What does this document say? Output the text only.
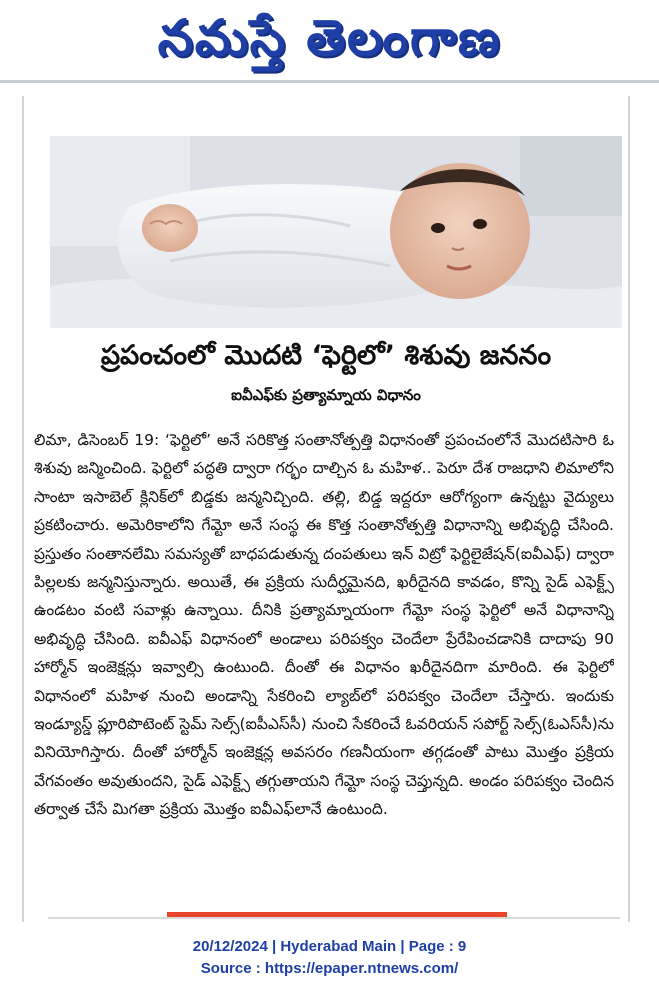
నమస్తే తెలంగాణ
ప్రపంచంలో మొదటి ‘ఫెర్టిలో’ శిశువు జననం
ఐవీఎఫ్‌కు ప్రత్యామ్నాయ విధానం
లిమా, డిసెంబర్ 19: ‘ఫెర్టిలో’ అనే సరికొత్త సంతానోత్పత్తి విధానంతో ప్రపంచంలోనే మొదటిసారి ఓ శిశువు జన్మించింది. ఫెర్టిలో పద్ధతి ద్వారా గర్భం దాల్చిన ఓ మహిళ.. పెరూ దేశ రాజధాని లిమాలోని సాంటా ఇసాబెల్ క్లినిక్‌లో బిడ్డకు జన్మనిచ్చింది. తల్లి, బిడ్డ ఇద్దరూ ఆరోగ్యంగా ఉన్నట్టు వైద్యులు ప్రకటించారు. అమెరికాలోని గేమ్టో అనే సంస్థ ఈ కొత్త సంతానోత్పత్తి విధానాన్ని అభివృద్ధి చేసింది. ప్రస్తుతం సంతానలేమి సమస్యతో బాధపడుతున్న దంపతులు ఇన్ విట్రో ఫెర్టిలైజేషన్(ఐవీఎఫ్) ద్వారా పిల్లలకు జన్మనిస్తున్నారు. అయితే, ఈ ప్రక్రియ సుదీర్ఘమైనది, ఖరీదైనది కావడం, కొన్ని సైడ్ ఎఫెక్ట్స్ ఉండటం వంటి సవాళ్లు ఉన్నాయి. దీనికి ప్రత్యామ్నాయంగా గేమ్టో సంస్థ ఫెర్టిలో అనే విధానాన్ని అభివృద్ధి చేసింది. ఐవీఎఫ్ విధానంలో అండాలు పరిపక్వం చెందేలా ప్రేరేపించడానికి దాదాపు 90 హార్మోన్ ఇంజెక్షన్లు ఇవ్వాల్సి ఉంటుంది. దీంతో ఈ విధానం ఖరీదైనదిగా మారింది. ఈ ఫెర్టిలో విధానంలో మహిళ నుంచి అండాన్ని సేకరించి ల్యాబ్‌లో పరిపక్వం చెందేలా చేస్తారు. ఇందుకు ఇండ్యూస్డ్ ప్లూరిపొటెంట్ స్టెమ్ సెల్స్(ఐపీఎస్‌సీ) నుంచి సేకరించే ఓవరియన్ సపోర్ట్ సెల్స్(ఓఎస్‌సీ)ను వినియోగిస్తారు. దీంతో హార్మోన్ ఇంజెక్షన్ల అవసరం గణనీయంగా తగ్గడంతో పాటు మొత్తం ప్రక్రియ వేగవంతం అవుతుందని, సైడ్ ఎఫెక్ట్స్ తగ్గుతాయని గేమ్టో సంస్థ చెప్తున్నది. అండం పరిపక్వం చెందిన తర్వాత చేసే మిగతా ప్రక్రియ మొత్తం ఐవీఎఫ్‌లానే ఉంటుంది.
20/12/2024 | Hyderabad Main | Page : 9
Source : https://epaper.ntnews.com/
